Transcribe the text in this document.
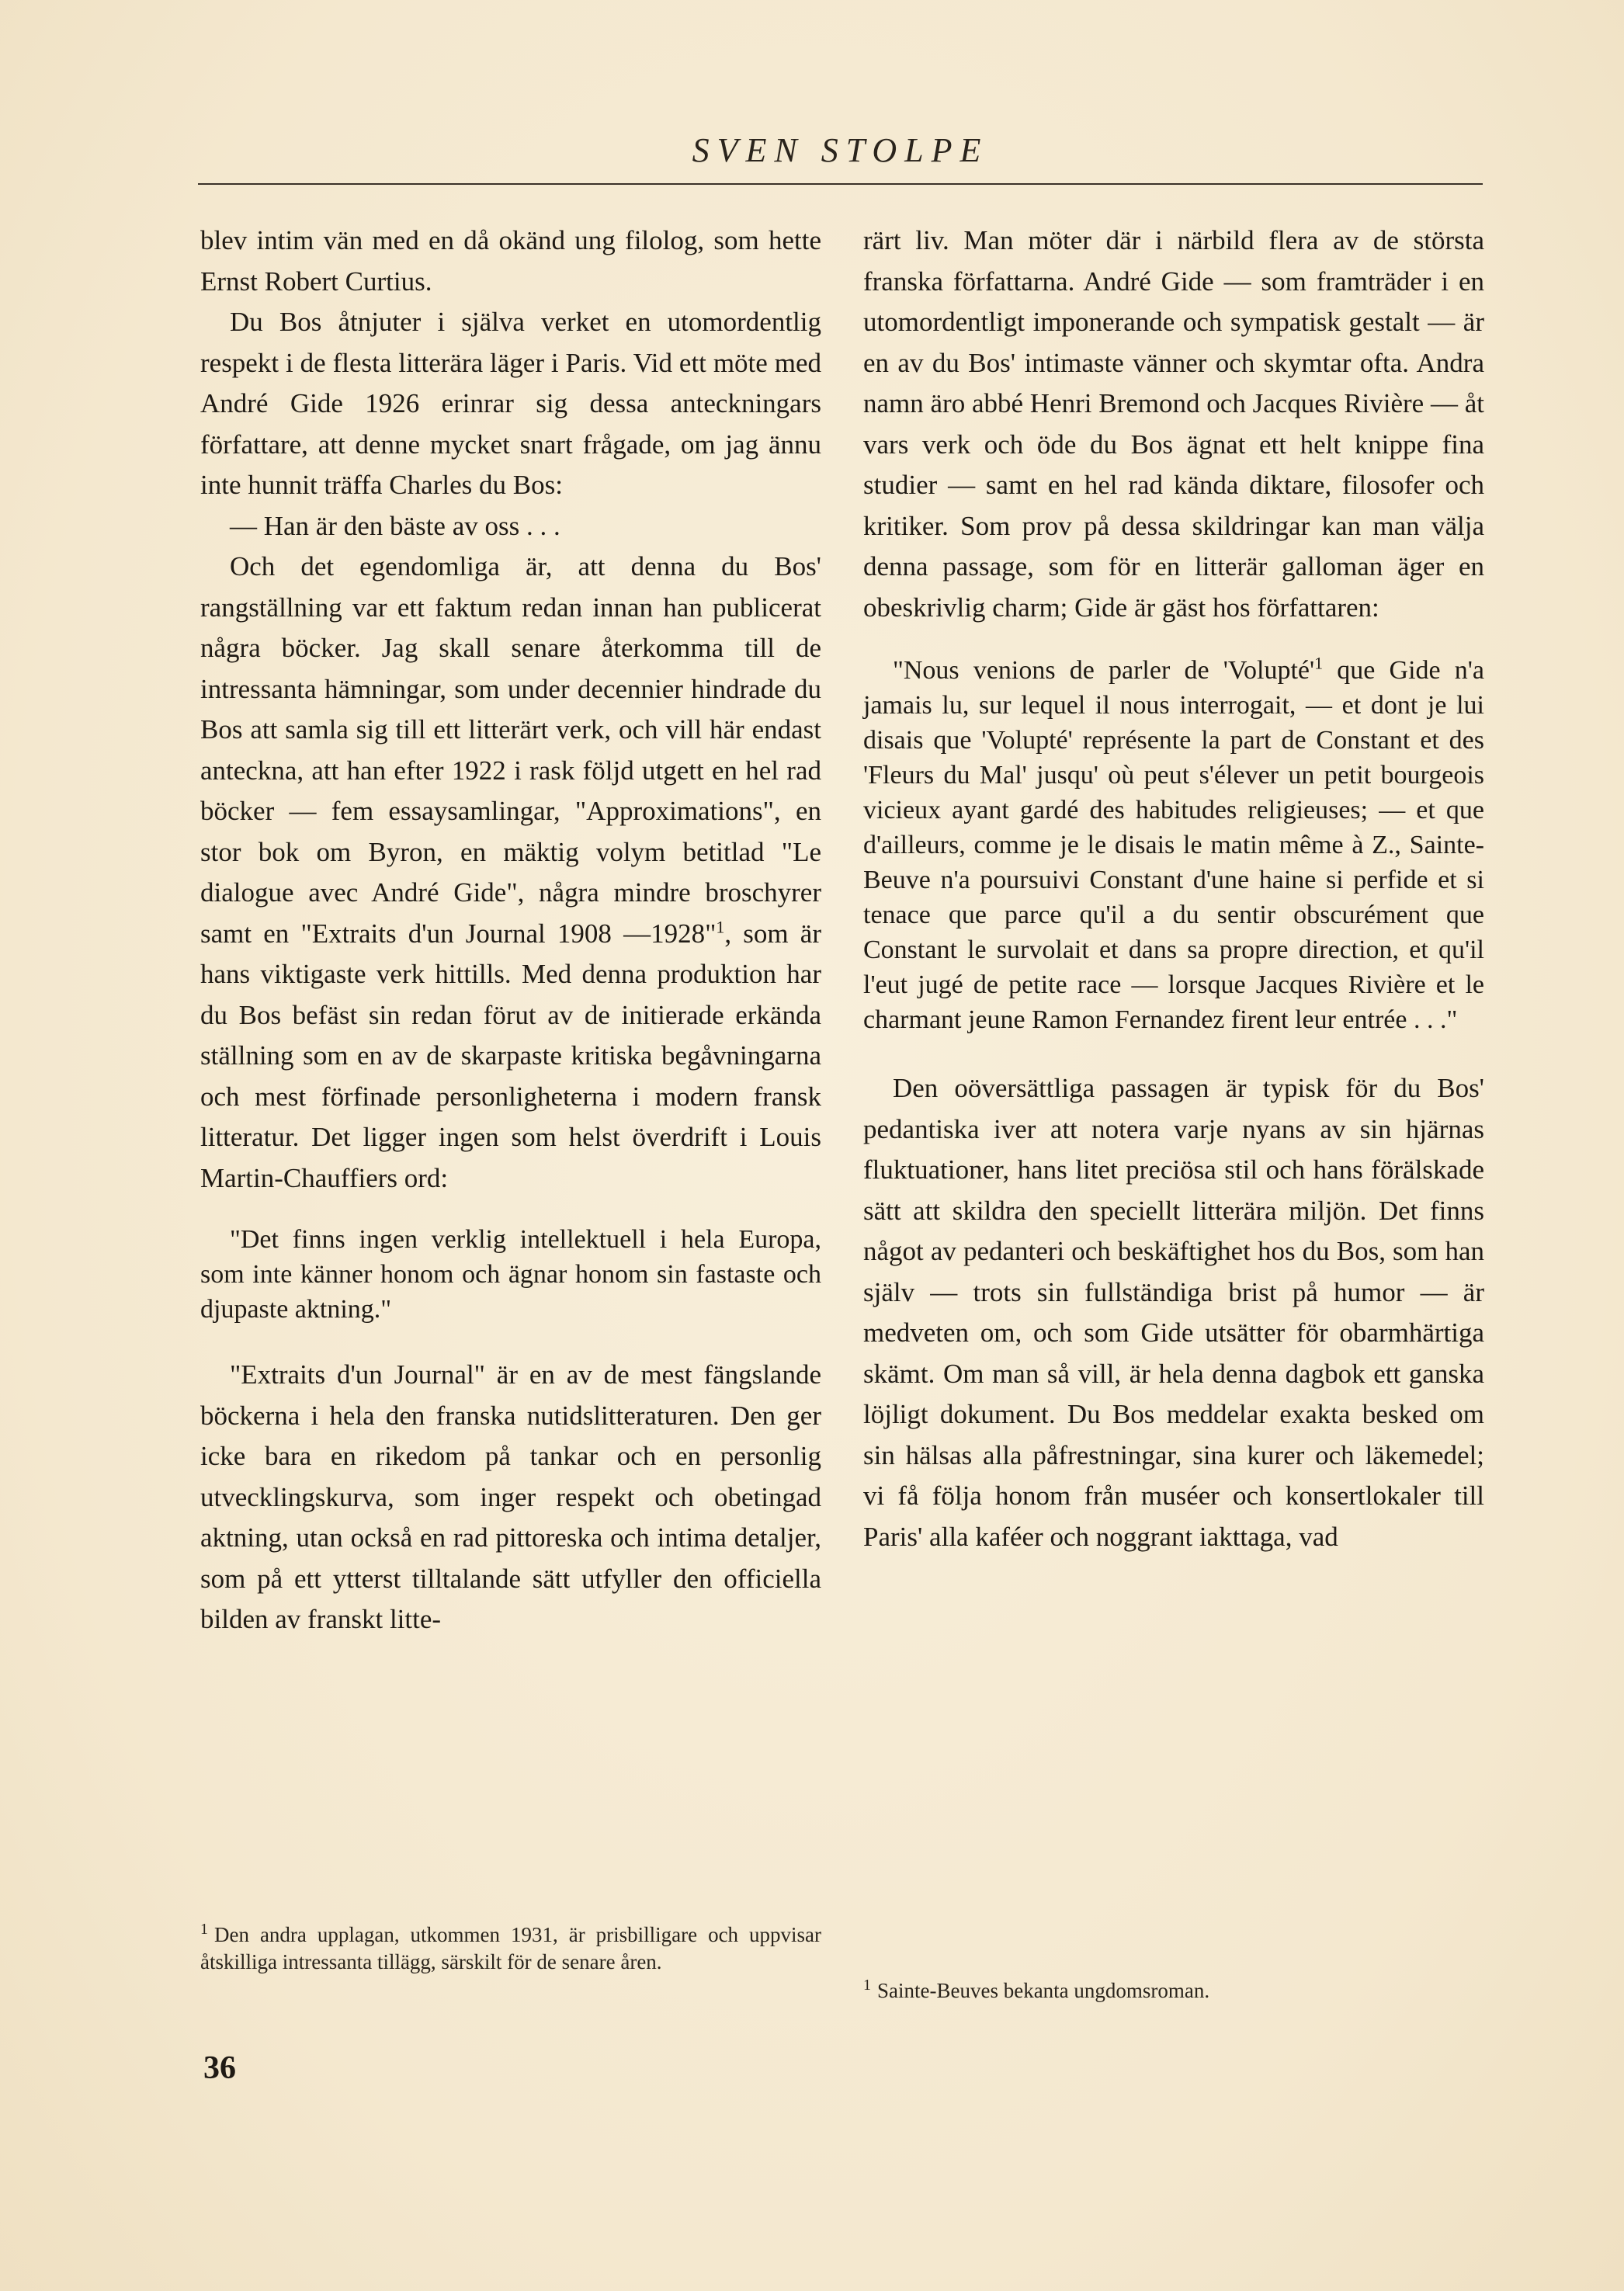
SVEN STOLPE

blev intim vän med en då okänd ung filolog, som hette Ernst Robert Curtius.

Du Bos åtnjuter i själva verket en utomordentlig respekt i de flesta litterära läger i Paris. Vid ett möte med André Gide 1926 erinrar sig dessa anteckningars författare, att denne mycket snart frågade, om jag ännu inte hunnit träffa Charles du Bos:

— Han är den bäste av oss . . .

Och det egendomliga är, att denna du Bos' rangställning var ett faktum redan innan han publicerat några böcker. Jag skall senare återkomma till de intressanta hämningar, som under decennier hindrade du Bos att samla sig till ett litterärt verk, och vill här endast anteckna, att han efter 1922 i rask följd utgett en hel rad böcker — fem essaysamlingar, "Approximations", en stor bok om Byron, en mäktig volym betitlad "Le dialogue avec André Gide", några mindre broschyrer samt en "Extraits d'un Journal 1908 —1928"$^1$, som är hans viktigaste verk hittills. Med denna produktion har du Bos befäst sin redan förut av de initierade erkända ställning som en av de skarpaste kritiska begåvningarna och mest förfinade personligheterna i modern fransk litteratur. Det ligger ingen som helst överdrift i Louis Martin-Chauffiers ord:

"Det finns ingen verklig intellektuell i hela Europa, som inte känner honom och ägnar honom sin fastaste och djupaste aktning."

"Extraits d'un Journal" är en av de mest fängslande böckerna i hela den franska nutidslitteraturen. Den ger icke bara en rikedom på tankar och en personlig utvecklingskurva, som inger respekt och obetingad aktning, utan också en rad pittoreska och intima detaljer, som på ett ytterst tilltalande sätt utfyller den officiella bilden av franskt litte-

$^1$ Den andra upplagan, utkommen 1931, är prisbilligare och uppvisar åtskilliga intressanta tillägg, särskilt för de senare åren.

rärt liv. Man möter där i närbild flera av de största franska författarna. André Gide — som framträder i en utomordentligt imponerande och sympatisk gestalt — är en av du Bos' intimaste vänner och skymtar ofta. Andra namn äro abbé Henri Bremond och Jacques Rivière — åt vars verk och öde du Bos ägnat ett helt knippe fina studier — samt en hel rad kända diktare, filosofer och kritiker. Som prov på dessa skildringar kan man välja denna passage, som för en litterär galloman äger en obeskrivlig charm; Gide är gäst hos författaren:

"Nous venions de parler de '$Volupté'^1$ que Gide n'a jamais lu, sur lequel il nous interrogait, — et dont je lui disais que 'Volupté' représente la part de Constant et des 'Fleurs du Mal' jusqu' où peut s'élever un petit bourgeois vicieux ayant gardé des habitudes religieuses; — et que d'ailleurs, comme je le disais le matin même à Z., Sainte-Beuve n'a poursuivi Constant d'une haine si perfide et si tenace que parce qu'il a du sentir obscurément que Constant le survolait et dans sa propre direction, et qu'il l'eut jugé de petite race — lorsque Jacques Rivière et le charmant jeune Ramon Fernandez firent leur entrée . . ."

Den oöversättliga passagen är typisk för du Bos' pedantiska iver att notera varje nyans av sin hjärnas fluktuationer, hans litet preciösa stil och hans förälskade sätt att skildra den speciellt litterära miljön. Det finns något av pedanteri och beskäftighet hos du Bos, som han själv — trots sin fullständiga brist på humor — är medveten om, och som Gide utsätter för obarmhärtiga skämt. Om man så vill, är hela denna dagbok ett ganska löjligt dokument. Du Bos meddelar exakta besked om sin hälsas alla påfrestningar, sina kurer och läkemedel; vi få följa honom från muséer och konsertlokaler till Paris' alla kaféer och noggrant iakttaga, vad

$^1$ Sainte-Beuves bekanta ungdomsroman.
36
